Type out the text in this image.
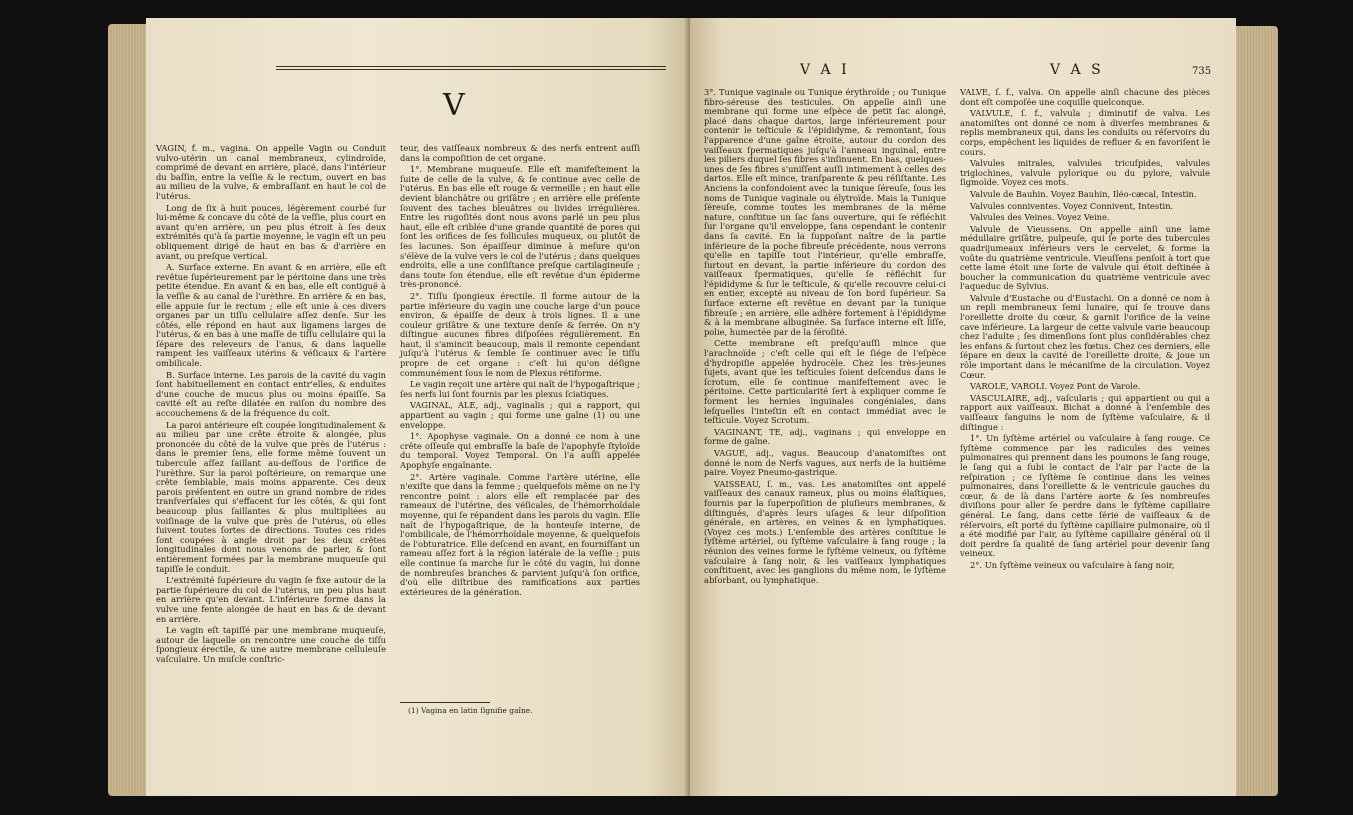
V

VAGIN, f. m., vagina. On appelle Vagin ou Conduit vulvo-utérin un canal membraneux, cylindroïde, comprimé de devant en arrière, placé, dans l'intérieur du baſſin, entre la veſſie & le rectum, ouvert en bas au milieu de la vulve, & embraſſant en haut le col de l'utérus.

Long de ſix à huit pouces, légèrement courbé ſur lui-même & concave du côté de la veſſie, plus court en avant qu'en arrière, un peu plus étroit à ſes deux extrémités qu'à ſa partie moyenne, le vagin eſt un peu obliquement dirigé de haut en bas & d'arrière en avant, ou preſque vertical.

A. Surface externe. En avant & en arrière, elle eſt revêtue ſupérieurement par le péritoine dans une très petite étendue. En avant & en bas, elle eſt contiguë à la veſſie & au canal de l'urèthre. En arrière & en bas, elle appuie ſur le rectum ; elle eſt unie à ces divers organes par un tiſſu cellulaire aſſez denſe. Sur les côtés, elle répond en haut aux ligamens larges de l'utérus, & en bas à une maſſe de tiſſu cellulaire qui la ſépare des releveurs de l'anus, & dans laquelle rampent les vaiſſeaux utérins & véſicaux & l'artère ombilicale.

B. Surface interne. Les parois de la cavité du vagin ſont habituellement en contact entr'elles, & enduites d'une couche de mucus plus ou moins épaiſſe. Sa cavité eſt au reſte dilatée en raiſon du nombre des accouchemens & de la fréquence du coït.

La paroi antérieure eſt coupée longitudinalement & au milieu par une crête étroite & alongée, plus prononcée du côté de la vulve que près de l'utérus : dans le premier ſens, elle forme même ſouvent un tubercule aſſez ſaillant au-deſſous de l'orifice de l'urèthre. Sur la paroi poſtérieure, on remarque une crête ſemblable, mais moins apparente. Ces deux parois préſentent en outre un grand nombre de rides tranſverſales qui s'effacent ſur les côtés, & qui ſont beaucoup plus ſaillantes & plus multipliées au voiſinage de la vulve que près de l'utérus, où elles ſuivent toutes ſortes de directions. Toutes ces rides ſont coupées à angle droit par les deux crêtes longitudinales dont nous venons de parler, & ſont entièrement formées par la membrane muqueuſe qui tapiſſe le conduit.

L'extrémité ſupérieure du vagin ſe fixe autour de la partie ſupérieure du col de l'utérus, un peu plus haut en arrière qu'en devant. L'inférieure forme dans la vulve une fente alongée de haut en bas & de devant en arrière.

Le vagin eſt tapiſſé par une membrane muqueuſe, autour de laquelle on rencontre une couche de tiſſu ſpongieux érectile, & une autre membrane celluleuſe vaſculaire. Un muſcle conſtric-

teur, des vaiſſeaux nombreux & des nerfs entrent auſſi dans la compoſition de cet organe.

1°. Membrane muqueuſe. Elle eſt manifeſtement la ſuite de celle de la vulve, & ſe continue avec celle de l'utérus. En bas elle eſt rouge & vermeille ; en haut elle devient blanchâtre ou griſâtre ; en arrière elle préſente ſouvent des taches bleuâtres ou livides irrégulières. Entre les rugoſités dont nous avons parlé un peu plus haut, elle eſt criblée d'une grande quantité de pores qui ſont les orifices de ſes follicules muqueux, ou plutôt de ſes lacunes. Son épaiſſeur diminue à meſure qu'on s'élève de la vulve vers le col de l'utérus ; dans quelques endroits, elle a une conſiſtance preſque cartilagineuſe ; dans toute ſon étendue, elle eſt revêtue d'un épiderme très-prononcé.

2°. Tiſſu ſpongieux érectile. Il forme autour de la partie inférieure du vagin une couche large d'un pouce environ, & épaiſſe de deux à trois lignes. Il a une couleur griſâtre & une texture denſe & ſerrée. On n'y diſtingue aucunes fibres diſpoſées régulièrement. En haut, il s'amincit beaucoup, mais il remonte cependant juſqu'à l'utérus & ſemble ſe continuer avec le tiſſu propre de cet organe : c'eſt lui qu'on déſigne communément ſous le nom de Plexus rétiforme.

Le vagin reçoit une artère qui naît de l'hypogaſtrique ; ſes nerfs lui ſont fournis par les plexus ſciatiques.

VAGINAL, ALE, adj., vaginalis ; qui a rapport, qui appartient au vagin ; qui forme une gaîne (1) ou une enveloppe.

1°. Apophyse vaginale. On a donné ce nom à une crête oſſeuſe qui embraſſe la baſe de l'apophyſe ſtyloïde du temporal. Voyez Temporal. On l'a auſſi appelée Apophyſe engaînante.

2°. Artère vaginale. Comme l'artère utérine, elle n'exiſte que dans la femme ; quelquefois même on ne l'y rencontre point : alors elle eſt remplacée par des rameaux de l'utérine, des véſicales, de l'hémorrhoïdale moyenne, qui ſe répandent dans les parois du vagin. Elle naît de l'hypogaſtrique, de la honteuſe interne, de l'ombilicale, de l'hémorrhoïdale moyenne, & quelquefois de l'obturatrice. Elle deſcend en avant, en fourniſſant un rameau aſſez fort à la région latérale de la veſſie ; puis elle continue ſa marche ſur le côté du vagin, lui donne de nombreuſes branches & parvient juſqu'à ſon orifice, d'où elle diſtribue des ramifications aux parties extérieures de la génération.

(1) Vagina en latin ſignifie gaîne.
V A I	V A S	735

3°. Tunique vaginale ou Tunique érythroïde ; ou Tunique fibro-séreuse des testicules. On appelle ainſi une membrane qui forme une eſpèce de petit ſac alongé, placé dans chaque dartos, large inférieurement pour contenir le teſticule & l'épididyme, & remontant, ſous l'apparence d'une gaîne étroite, autour du cordon des vaiſſeaux ſpermatiques juſqu'à l'anneau inguinal, entre les piliers duquel ſes fibres s'inſinuent. En bas, quelques-unes de ſes fibres s'uniſſent auſſi intimement à celles des dartos. Elle eſt mince, tranſparente & peu réſiſtante. Les Anciens la confondoient avec la tunique ſéreuſe, ſous les noms de Tunique vaginale ou élytroïde. Mais la Tunique ſéreuſe, comme toutes les membranes de la même nature, conſtitue un ſac ſans ouverture, qui ſe réfléchit ſur l'organe qu'il enveloppe, ſans cependant le contenir dans ſa cavité. En la ſuppoſant naître de la partie inférieure de la poche fibreuſe précédente, nous verrons qu'elle en tapiſſe tout l'intérieur, qu'elle embraſſe, ſurtout en devant, la partie inférieure du cordon des vaiſſeaux ſpermatiques, qu'elle ſe réfléchit ſur l'épididyme & ſur le teſticule, & qu'elle recouvre celui-ci en entier, excepté au niveau de ſon bord ſupérieur. Sa ſurface externe eſt revêtue en devant par la tunique fibreuſe ; en arrière, elle adhère fortement à l'épididyme & à la membrane albuginée. Sa ſurface interne eſt liſſe, polie, humectée par de la ſéroſité.

Cette membrane eſt preſqu'auſſi mince que l'arachnoïde ; c'eſt celle qui eſt le ſiége de l'eſpèce d'hydropiſie appelée hydrocèle. Chez les très-jeunes ſujets, avant que les teſticules ſoient deſcendus dans le ſcrotum, elle ſe continue manifeſtement avec le péritoine. Cette particularité ſert à expliquer comme ſe forment les hernies inguinales congéniales, dans leſquelles l'inteſtin eſt en contact immédiat avec le teſticule. Voyez Scrotum.

VAGINANT, TE, adj., vaginans ; qui enveloppe en forme de gaîne.

VAGUE, adj., vagus. Beaucoup d'anatomiſtes ont donné le nom de Nerfs vagues, aux nerfs de la huitième paire. Voyez Pneumo-gastrique.

VAISSEAU, ſ. m., vas. Les anatomiſtes ont appelé vaiſſeaux des canaux rameux, plus ou moins élaſtiques, fournis par la ſuperpoſition de pluſieurs membranes, & diſtingués, d'après leurs uſages & leur diſpoſition générale, en artères, en veines & en lymphatiques. (Voyez ces mots.) L'enſemble des artères conſtitue le ſyſtème artériel, ou ſyſtème vaſculaire à ſang rouge ; la réunion des veines forme le ſyſtème veineux, ou ſyſtème vaſculaire à ſang noir, & les vaiſſeaux lymphatiques conſtituent, avec les ganglions du même nom, le ſyſtème abſorbant, ou lymphatique.

VALVE, ſ. f., valva. On appelle ainſi chacune des pièces dont eſt compoſée une coquille quelconque.

VALVULE, ſ. f., valvula ; diminutif de valva. Les anatomiſtes ont donné ce nom à diverſes membranes & replis membraneux qui, dans les conduits ou réſervoirs du corps, empêchent les liquides de refluer & en favoriſent le cours.

Valvules mitrales, valvules tricuſpides, valvules triglochines, valvule pylorique ou du pylore, valvule ſigmoïde. Voyez ces mots.

Valvule de Bauhin. Voyez Bauhin, Iléo-cæcal, Intestin.

Valvules conniventes. Voyez Connivent, Intestin.

Valvules des Veines. Voyez Veine.

Valvule de Vieussens. On appelle ainſi une lame médullaire griſâtre, pulpeuſe, qui ſe porte des tubercules quadrijumeaux inférieurs vers le cervelet, & forme la voûte du quatrième ventricule. Vieuſſens penſoit à tort que cette lame étoit une ſorte de valvule qui étoit deſtinée à boucher la communication du quatrième ventricule avec l'aqueduc de Sylvius.

Valvule d'Eustache ou d'Eustachi. On a donné ce nom à un repli membraneux ſemi lunaire, qui ſe trouve dans l'oreillette droite du cœur, & garnit l'orifice de la veine cave inférieure. La largeur de cette valvule varie beaucoup chez l'adulte ; ſes dimenſions ſont plus conſidérables chez les enfans & ſurtout chez les fœtus. Chez ces derniers, elle ſépare en deux la cavité de l'oreillette droite, & joue un rôle important dans le mécaniſme de la circulation. Voyez Cœur.

VAROLE, VAROLI. Voyez Pont de Varole.

VASCULAIRE, adj., vaſcularis ; qui appartient ou qui a rapport aux vaiſſeaux. Bichat a donné à l'enſemble des vaiſſeaux ſanguins le nom de ſyſtème vaſculaire, & il diſtingue :

1°. Un ſyſtème artériel ou vaſculaire à ſang rouge. Ce ſyſtème commence par les radicules des veines pulmonaires qui prennent dans les poumons le ſang rouge, le ſang qui a ſubi le contact de l'air par l'acte de la reſpiration ; ce ſyſtème ſe continue dans les veines pulmonaires, dans l'oreillette & le ventricule gauches du cœur, & de là dans l'artère aorte & ſes nombreuſes diviſions pour aller ſe perdre dans le ſyſtème capillaire général. Le ſang, dans cette ſérie de vaiſſeaux & de réſervoirs, eſt porté du ſyſtème capillaire pulmonaire, où il a été modifié par l'air, au ſyſtème capillaire général où il doit perdre ſa qualité de ſang artériel pour devenir ſang veineux.

2°. Un ſyſtème veineux ou vaſculaire à ſang noir,
